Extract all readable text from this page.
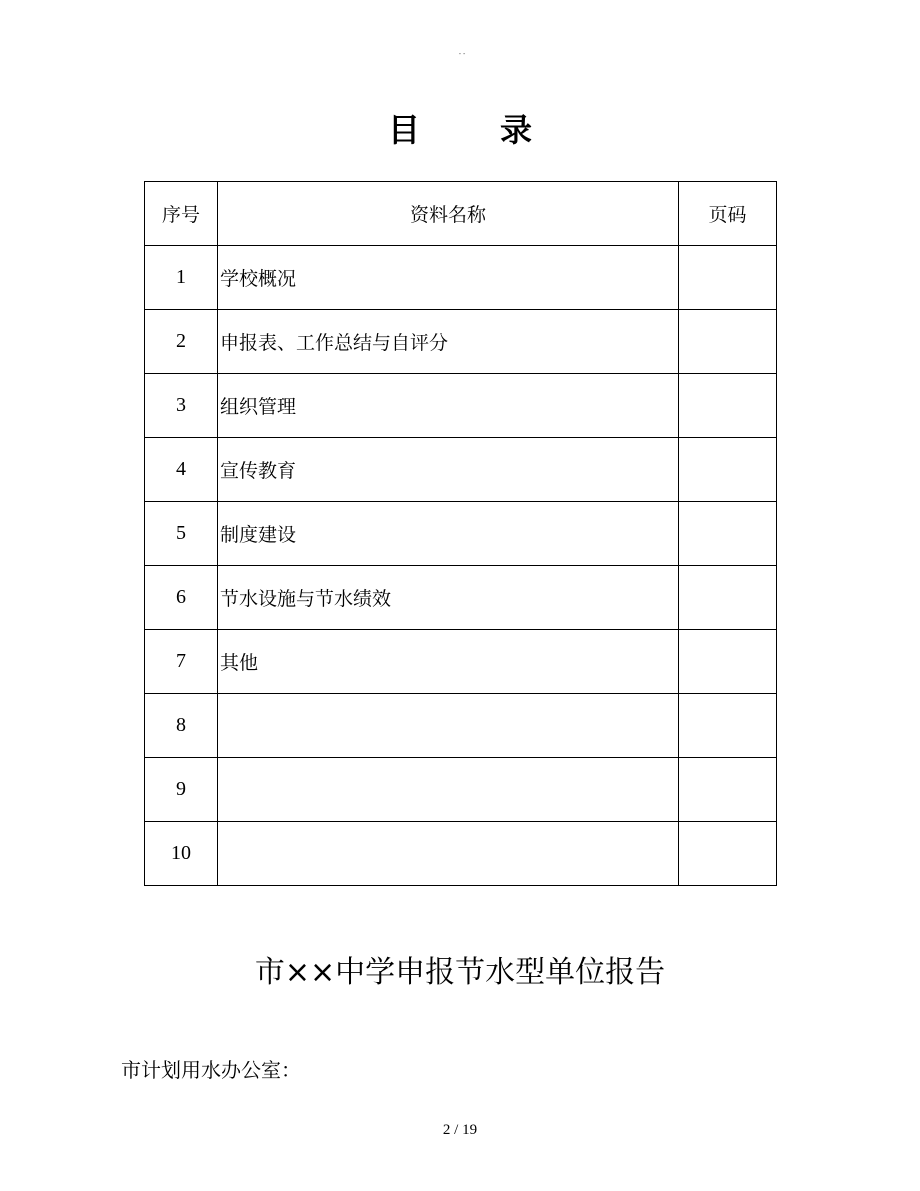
- -
目	录
序号	资料名称	页码
1	学校概况	
2	申报表、工作总结与自评分	
3	组织管理	
4	宣传教育	
5	制度建设	
6	节水设施与节水绩效	
7	其他	
8		
9		
10		
市××中学申报节水型单位报告
市计划用水办公室：
2 / 19
